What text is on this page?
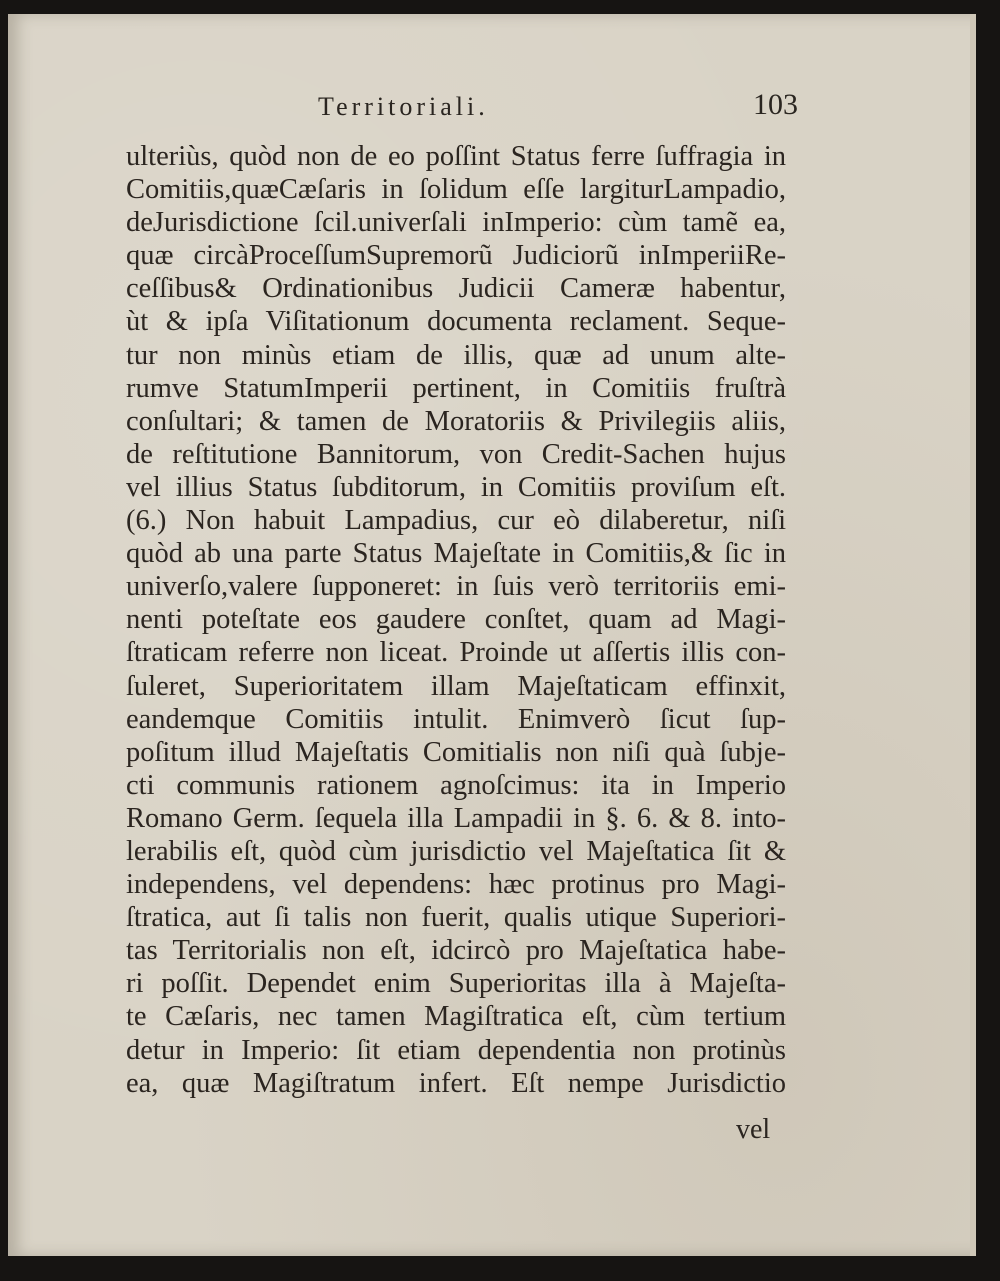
Territoriali.	103
ulteriùs, quòd non de eo poſſint Status ferre ſuffragia in
Comitiis,quæCæſaris in ſolidum eſſe largiturLampadio,
deJurisdictione ſcil.univerſali inImperio: cùm tamẽ ea,
quæ circàProceſſumSupremorũ Judiciorũ inImperiiRe-
ceſſibus& Ordinationibus Judicii Cameræ habentur,
ùt & ipſa Viſitationum documenta reclament. Seque-
tur non minùs etiam de illis, quæ ad unum alte-
rumve StatumImperii pertinent, in Comitiis fruſtrà
conſultari; & tamen de Moratoriis & Privilegiis aliis,
de reſtitutione Bannitorum, von Credit-Sachen hujus
vel illius Status ſubditorum, in Comitiis proviſum eſt.
(6.) Non habuit Lampadius, cur eò dilaberetur, niſi
quòd ab una parte Status Majeſtate in Comitiis,& ſic in
univerſo,valere ſupponeret: in ſuis verò territoriis emi-
nenti poteſtate eos gaudere conſtet, quam ad Magi-
ſtraticam referre non liceat. Proinde ut aſſertis illis con-
ſuleret, Superioritatem illam Majeſtaticam effinxit,
eandemque Comitiis intulit. Enimverò ſicut ſup-
poſitum illud Majeſtatis Comitialis non niſi quà ſubje-
cti communis rationem agnoſcimus: ita in Imperio
Romano Germ. ſequela illa Lampadii in §. 6. & 8. into-
lerabilis eſt, quòd cùm jurisdictio vel Majeſtatica ſit &
independens, vel dependens: hæc protinus pro Magi-
ſtratica, aut ſi talis non fuerit, qualis utique Superiori-
tas Territorialis non eſt, idcircò pro Majeſtatica habe-
ri poſſit. Dependet enim Superioritas illa à Majeſta-
te Cæſaris, nec tamen Magiſtratica eſt, cùm tertium
detur in Imperio: ſit etiam dependentia non protinùs
ea, quæ Magiſtratum infert. Eſt nempe Jurisdictio
vel
